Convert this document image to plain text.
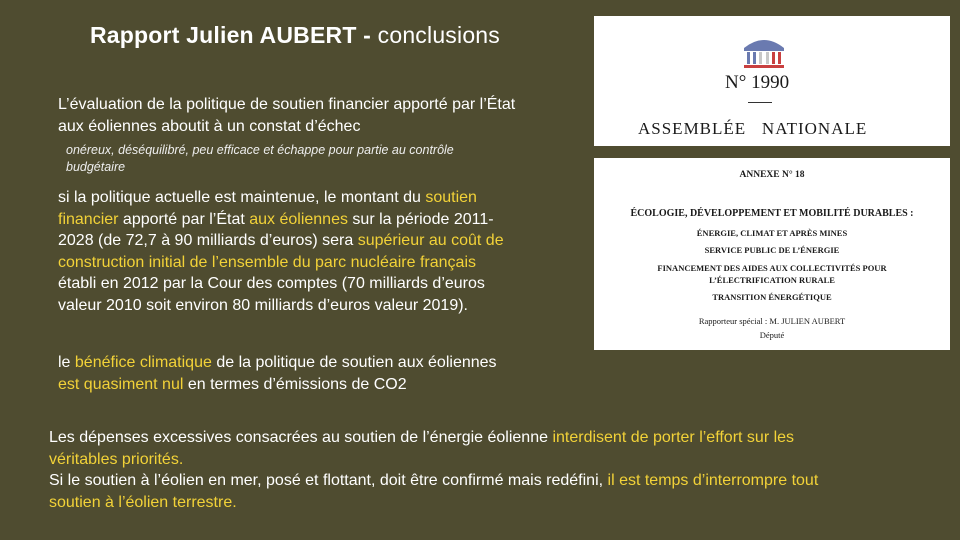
Rapport Julien AUBERT - conclusions
L’évaluation de la politique de soutien financier apporté par l’État aux éoliennes aboutit à un constat d’échec
onéreux, déséquilibré, peu efficace et échappe pour partie au contrôle budgétaire
si la politique actuelle est maintenue, le montant du soutien financier apporté par l’État aux éoliennes sur la période 2011-2028 (de 72,7 à 90 milliards d’euros) sera supérieur au coût de construction initial de l’ensemble du parc nucléaire français établi en 2012 par la Cour des comptes (70 milliards d’euros valeur 2010 soit environ 80 milliards d’euros valeur 2019).
le bénéfice climatique de la politique de soutien aux éoliennes est quasiment nul en termes d’émissions de CO2
Les dépenses excessives consacrées au soutien de l’énergie éolienne interdisent de porter l’effort sur les véritables priorités.
Si le soutien à l’éolien en mer, posé et flottant, doit être confirmé mais redéfini, il est temps d’interrompre tout soutien à l’éolien terrestre.
N° 1990
ASSEMBLÉE   NATIONALE
ANNEXE N° 18
ÉCOLOGIE, DÉVELOPPEMENT ET MOBILITÉ DURABLES :
ÉNERGIE, CLIMAT ET APRÈS MINES
SERVICE PUBLIC DE L’ÉNERGIE
FINANCEMENT DES AIDES AUX COLLECTIVITÉS POUR
L’ÉLECTRIFICATION RURALE
TRANSITION ÉNERGÉTIQUE
Rapporteur spécial : M. JULIEN AUBERT
Député
